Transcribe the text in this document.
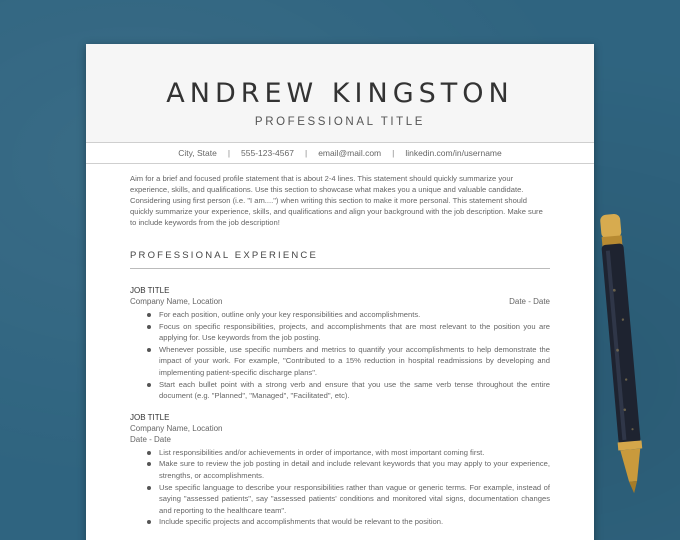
ANDREW KINGSTON
PROFESSIONAL TITLE
City, State | 555-123-4567 | email@mail.com | linkedin.com/in/username

Aim for a brief and focused profile statement that is about 2-4 lines. This statement should quickly summarize your experience, skills, and qualifications. Use this section to showcase what makes you a unique and valuable candidate. Considering using first person (i.e. "I am....") when writing this section to make it more personal. This statement should quickly summarize your experience, skills, and qualifications and align your background with the job description. Make sure to include keywords from the job description!

PROFESSIONAL EXPERIENCE
JOB TITLE
Company Name, Location	Date - Date
For each position, outline only your key responsibilities and accomplishments.
Focus on specific responsibilities, projects, and accomplishments that are most relevant to the position you are applying for. Use keywords from the job posting.
Whenever possible, use specific numbers and metrics to quantify your accomplishments to help demonstrate the impact of your work. For example, "Contributed to a 15% reduction in hospital readmissions by developing and implementing patient-specific discharge plans".
Start each bullet point with a strong verb and ensure that you use the same verb tense throughout the entire document (e.g. "Planned", "Managed", "Facilitated", etc).
JOB TITLE
Company Name, Location
Date - Date
List responsibilities and/or achievements in order of importance, with most important coming first.
Make sure to review the job posting in detail and include relevant keywords that you may apply to your experience, strengths, or accomplishments.
Use specific language to describe your responsibilities rather than vague or generic terms. For example, instead of saying "assessed patients", say "assessed patients' conditions and monitored vital signs, documentation changes and reporting to the healthcare team".
Include specific projects and accomplishments that would be relevant to the position.
